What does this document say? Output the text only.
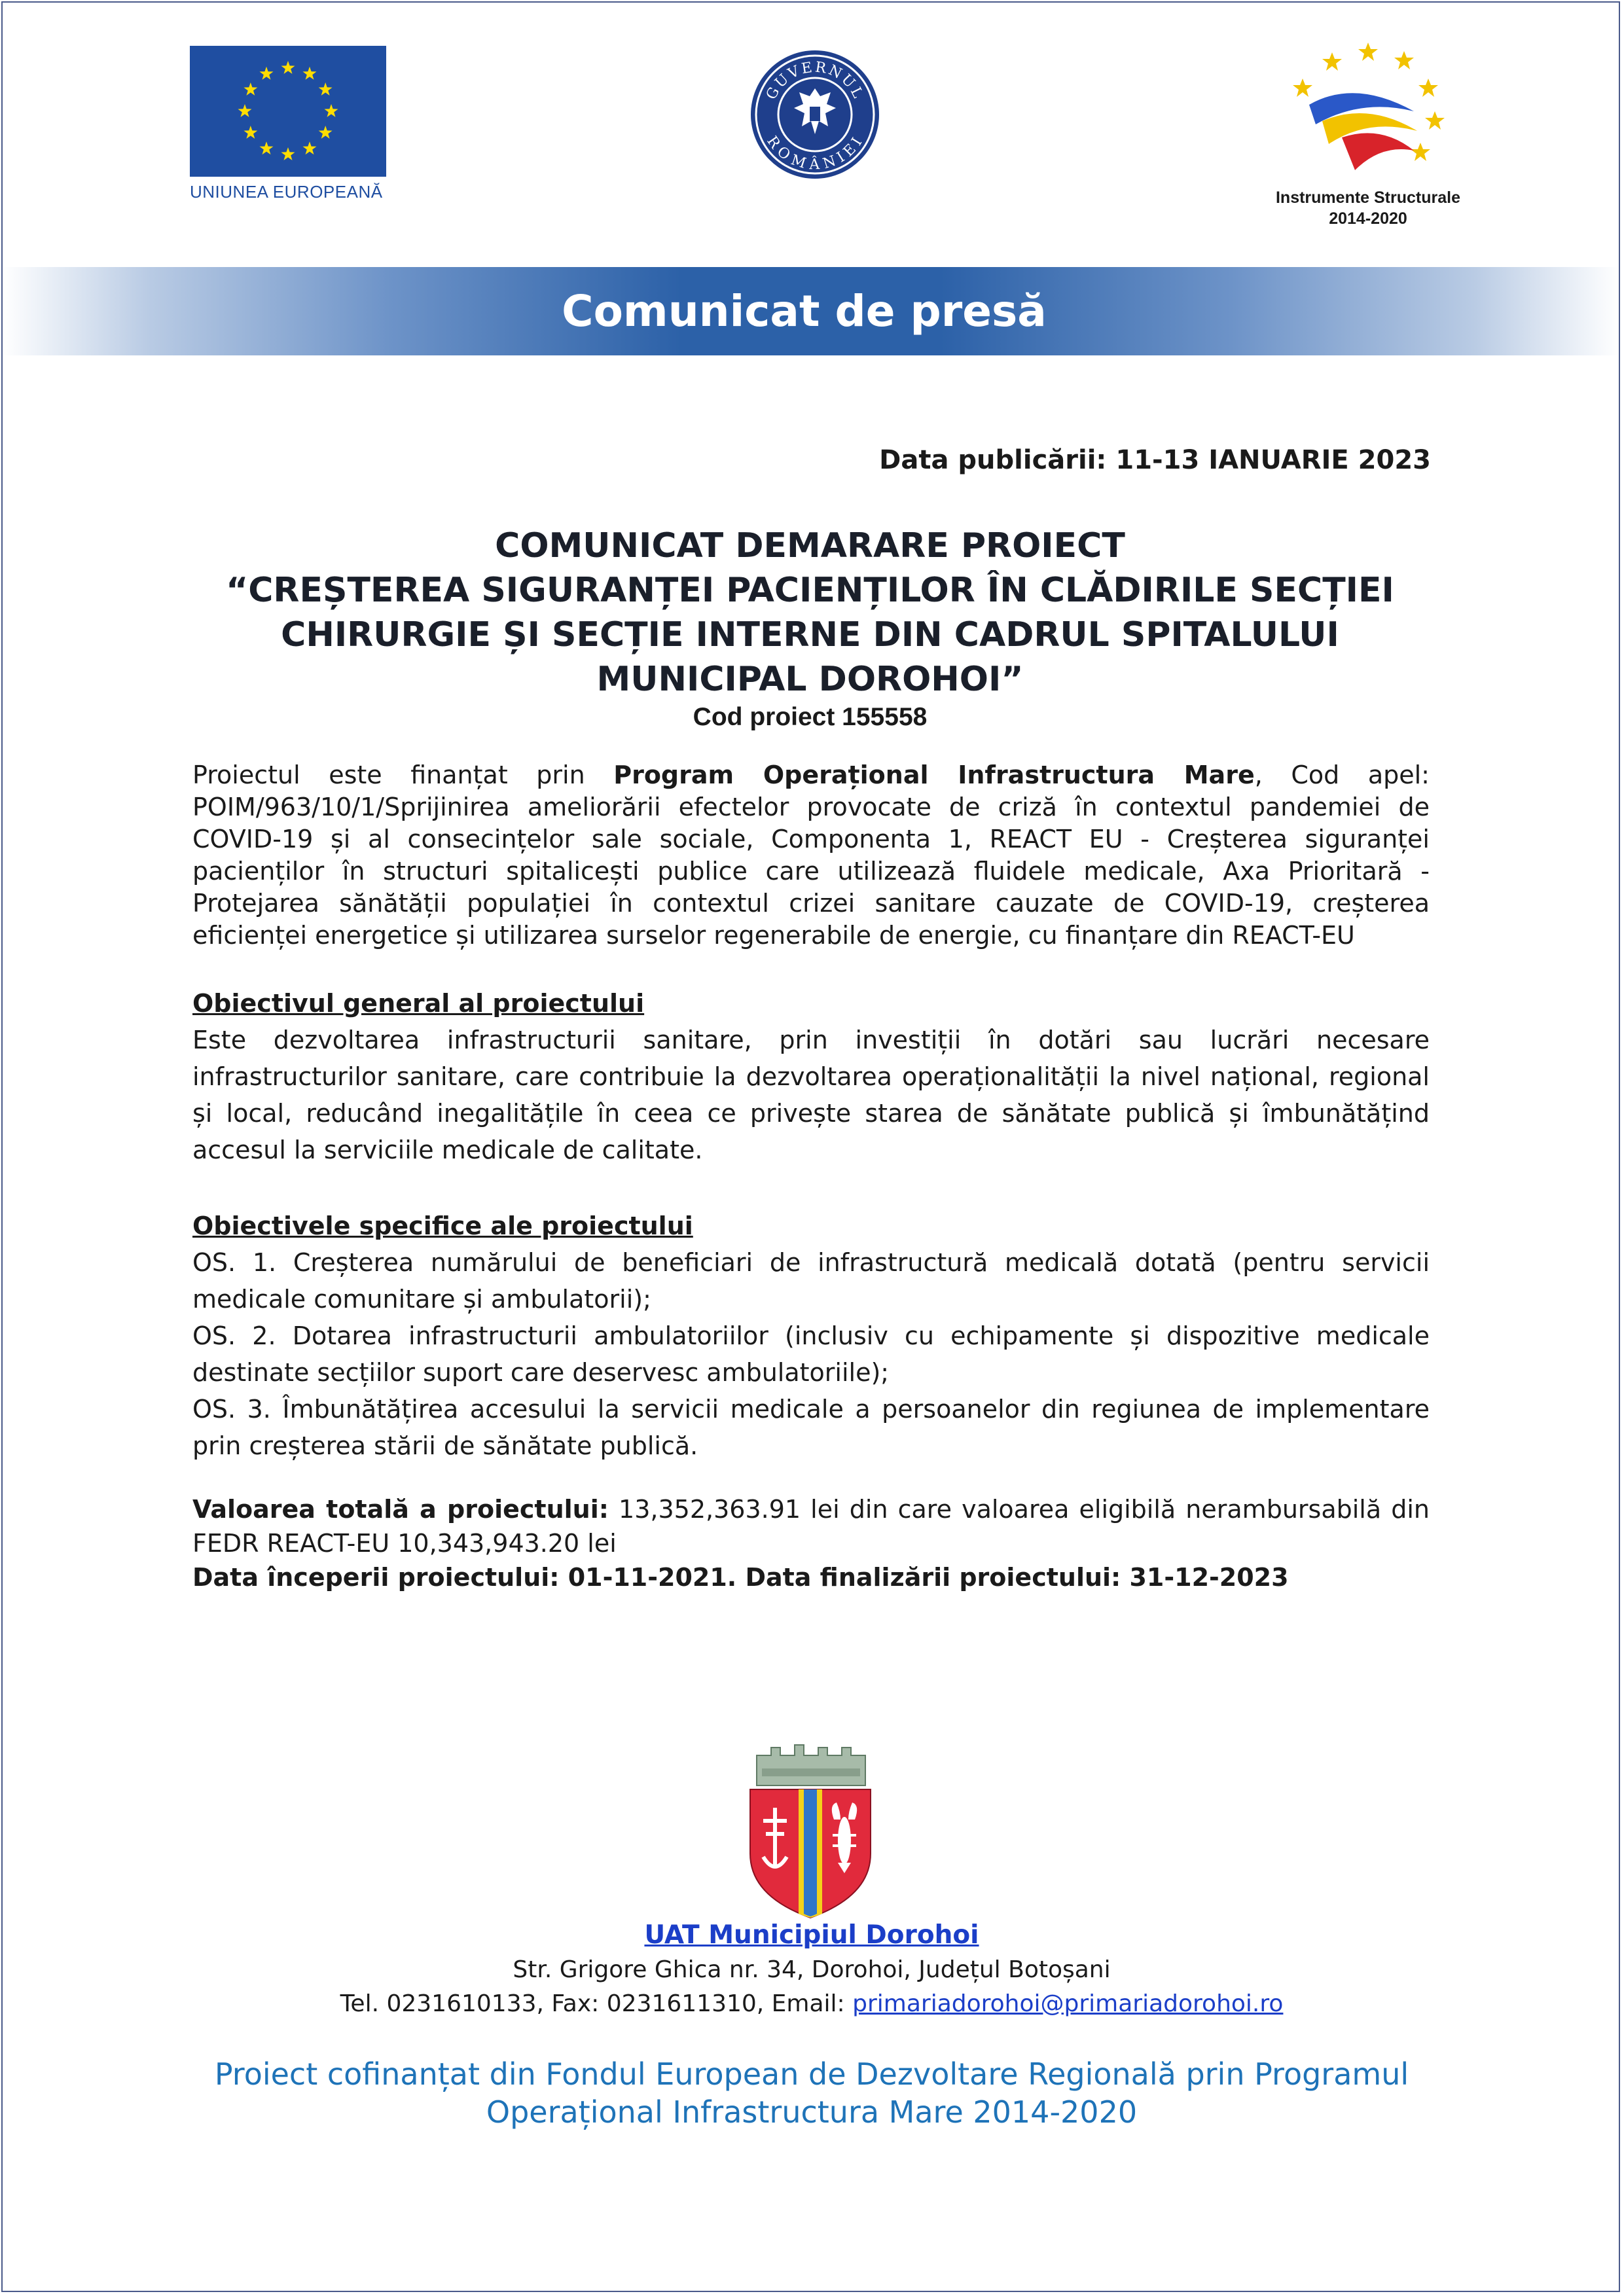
UNIUNEA EUROPEANĂ
GUVERNUL
ROMÂNIEI
Instrumente Structurale
2014-2020
Comunicat de presă
Data publicării: 11-13 IANUARIE 2023
COMUNICAT DEMARARE PROIECT
“CREȘTEREA SIGURANȚEI PACIENȚILOR ÎN CLĂDIRILE SECȚIEI
CHIRURGIE ȘI SECȚIE INTERNE DIN CADRUL SPITALULUI
MUNICIPAL DOROHOI”
Cod proiect 155558
Proiectul este finanțat prin Program Operațional Infrastructura Mare, Cod apel: POIM/963/10/1/Sprijinirea ameliorării efectelor provocate de criză în contextul pandemiei de COVID-19 și al consecințelor sale sociale, Componenta 1, REACT EU - Creșterea siguranței pacienților în structuri spitalicești publice care utilizează fluidele medicale, Axa Prioritară - Protejarea sănătății populației în contextul crizei sanitare cauzate de COVID-19, creșterea eficienței energetice și utilizarea surselor regenerabile de energie, cu finanțare din REACT-EU
Obiectivul general al proiectului
Este dezvoltarea infrastructurii sanitare, prin investiții în dotări sau lucrări necesare infrastructurilor sanitare, care contribuie la dezvoltarea operaționalității la nivel național, regional și local, reducând inegalitățile în ceea ce privește starea de sănătate publică și îmbunătățind accesul la serviciile medicale de calitate.
Obiectivele specifice ale proiectului
OS. 1. Creșterea numărului de beneficiari de infrastructură medicală dotată (pentru servicii medicale comunitare și ambulatorii);
OS. 2. Dotarea infrastructurii ambulatoriilor (inclusiv cu echipamente și dispozitive medicale destinate secțiilor suport care deservesc ambulatoriile);
OS. 3. Îmbunătățirea accesului la servicii medicale a persoanelor din regiunea de implementare prin creșterea stării de sănătate publică.
Valoarea totală a proiectului: 13,352,363.91 lei din care valoarea eligibilă nerambursabilă din FEDR REACT-EU 10,343,943.20 lei
Data începerii proiectului: 01-11-2021. Data finalizării proiectului: 31-12-2023
UAT Municipiul Dorohoi
Str. Grigore Ghica nr. 34, Dorohoi, Județul Botoșani
Tel. 0231610133, Fax: 0231611310, Email: primariadorohoi@primariadorohoi.ro
Proiect cofinanțat din Fondul European de Dezvoltare Regională prin Programul
Operațional Infrastructura Mare 2014-2020
